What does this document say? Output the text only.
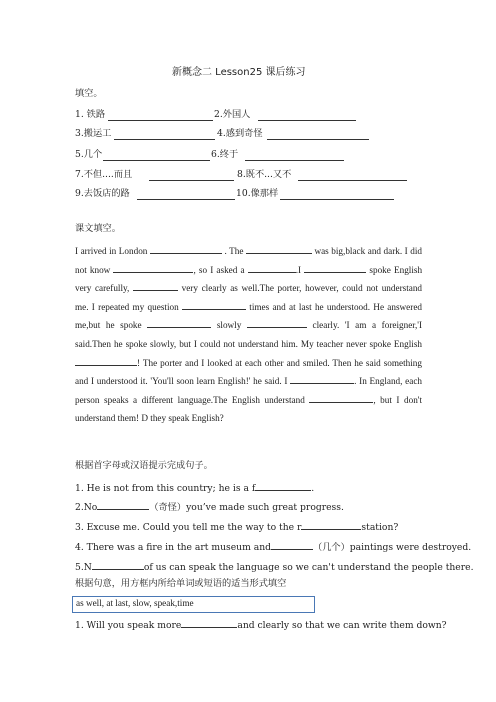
新概念二 Lesson25 课后练习
填空。
1. 铁路	2.外国人
3.搬运工	4.感到奇怪
5.几个	6.终于
7.不但....而且	8.既不...又不
9.去饭店的路	10.像那样
课文填空。
I arrived in London	. The	was big,black and dark. I did not know	, so I asked a	.I	spoke English very carefully,	very clearly as well.The porter, however, could not understand me. I repeated my question	times and at last he understood. He answered me,but he spoke	slowly	clearly. 'I am a foreigner,'I said.Then he spoke slowly, but I could not understand him. My teacher never spoke English ! The porter and I looked at each other and smiled. Then he said something and I understood it. 'You'll soon learn English!' he said. I	. In England, each person speaks a different language.The English understand	, but I don't understand them! D they speak English?
根据首字母或汉语提示完成句子。
1. He is not from this country; he is a f	.
2.No	（奇怪）you’ve made such great progress.
3. Excuse me. Could you tell me the way to the r	station?
4. There was a fire in the art museum and	（几个）paintings were destroyed.
5.N	of us can speak the language so we can't understand the people there.
根据句意，用方框内所给单词或短语的适当形式填空
as well, at last, slow, speak,time
1. Will you speak more	and clearly so that we can write them down?
